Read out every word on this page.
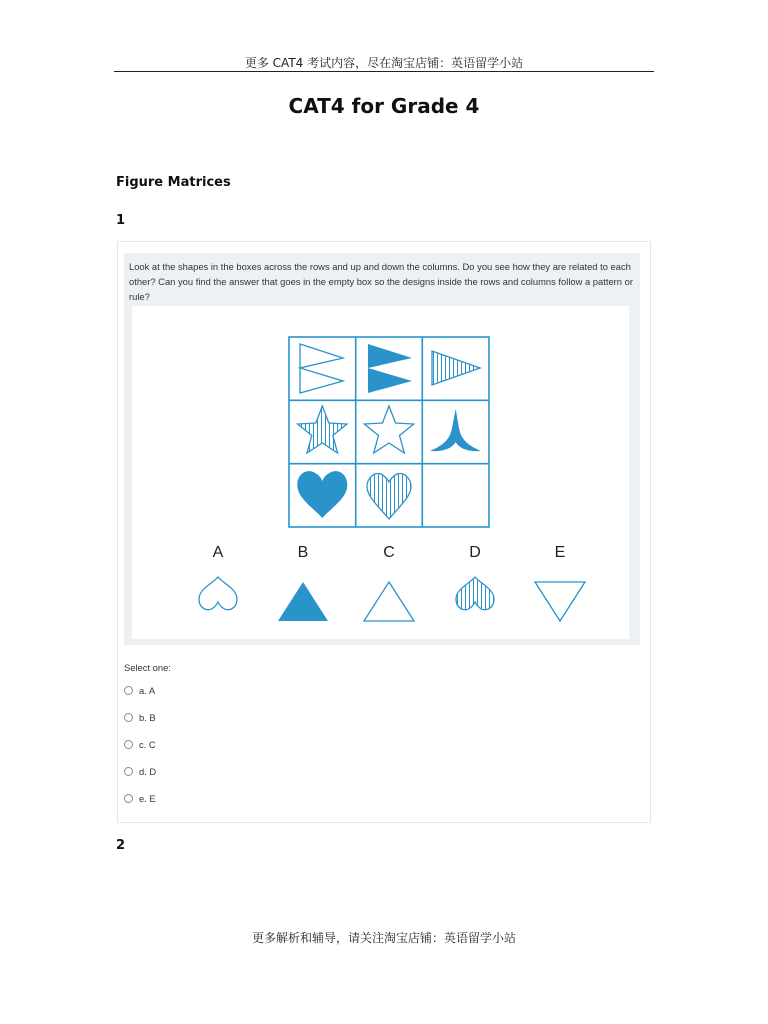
更多 CAT4 考试内容，尽在淘宝店铺：英语留学小站
CAT4 for Grade 4
Figure Matrices
1

Look at the shapes in the boxes across the rows and up and down the columns. Do you see how they are related to each other? Can you find the answer that goes in the empty box so the designs inside the rows and columns follow a pattern or rule?

A	B	C	D	E
Select one:
a. A
b. B
c. C
d. D
e. E
2
更多解析和辅导，请关注淘宝店铺：英语留学小站
